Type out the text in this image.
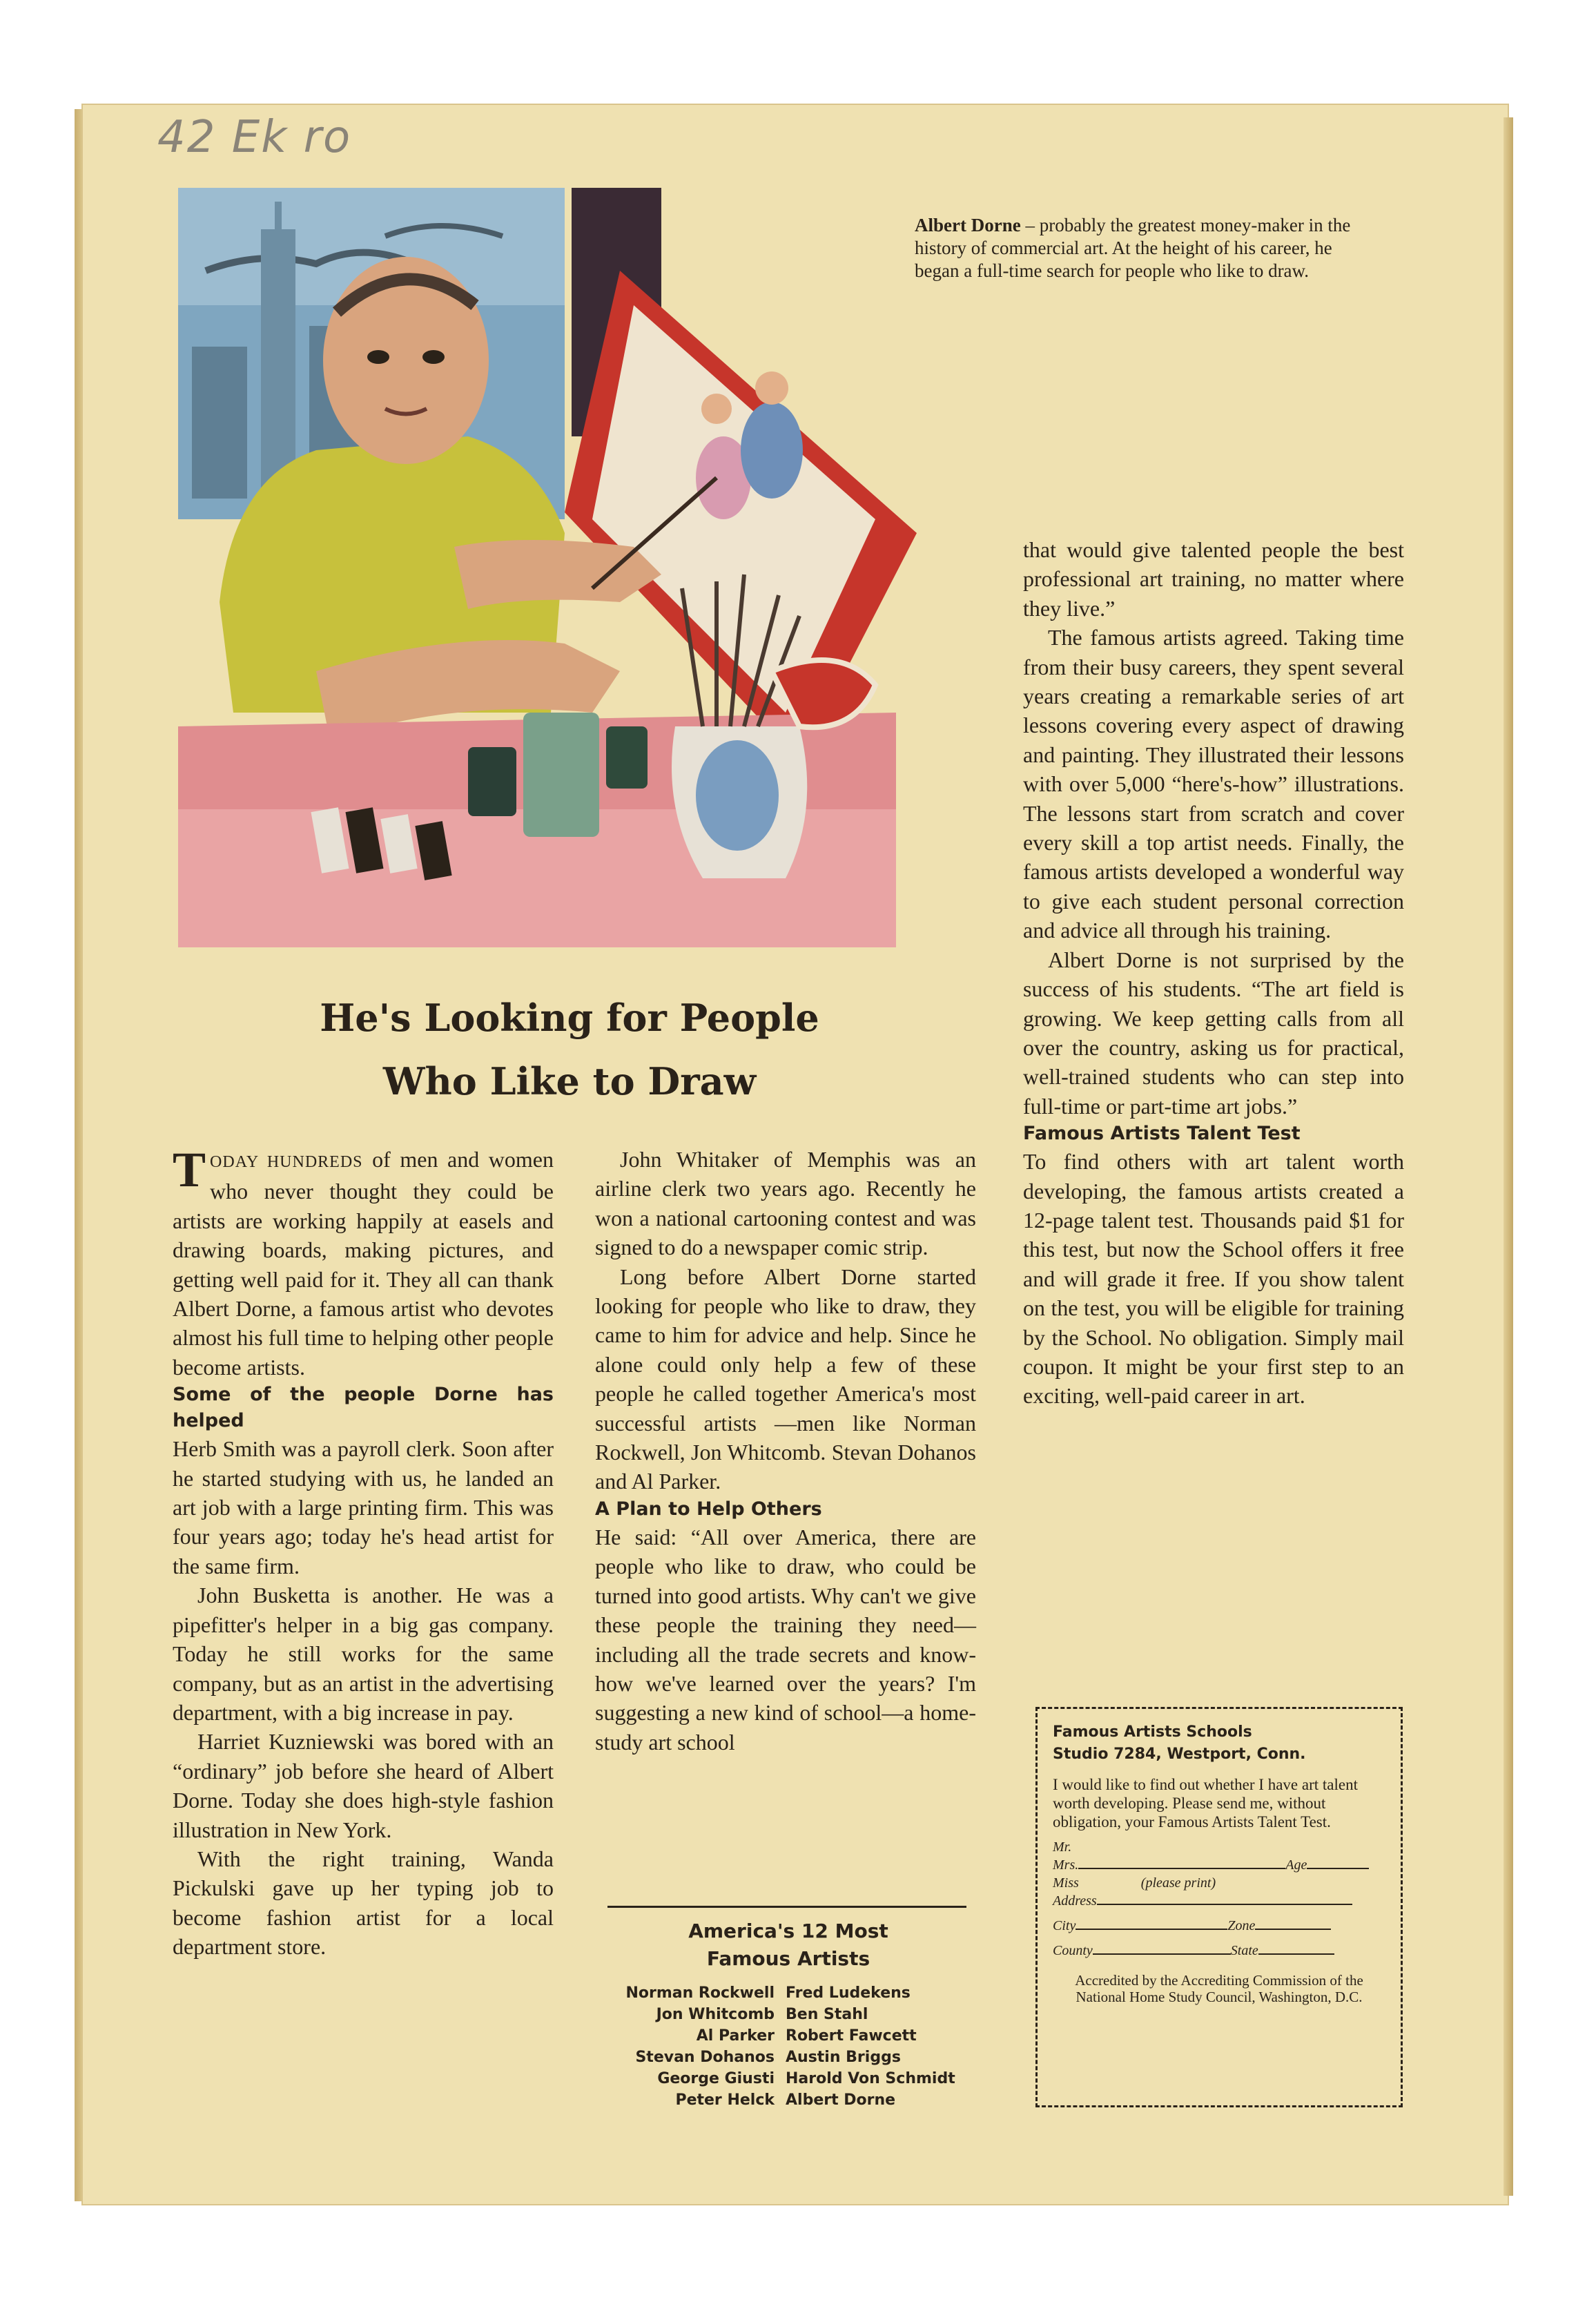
42 Ek ro
Albert Dorne – probably the greatest money-maker in the history of commercial art. At the height of his career, he began a full-time search for people who like to draw.
He's Looking for People
Who Like to Draw

TODAY HUNDREDS of men and women who never thought they could be artists are working happily at easels and drawing boards, making pictures, and getting well paid for it. They all can thank Albert Dorne, a famous artist who devotes almost his full time to helping other people become artists.

Some of the people Dorne has helped

Herb Smith was a payroll clerk. Soon after he started studying with us, he landed an art job with a large printing firm. This was four years ago; today he's head artist for the same firm.

John Busketta is another. He was a pipefitter's helper in a big gas company. Today he still works for the same company, but as an artist in the advertising department, with a big increase in pay.

Harriet Kuzniewski was bored with an “ordinary” job before she heard of Albert Dorne. Today she does high-style fashion illustration in New York.

With the right training, Wanda Pickulski gave up her typing job to become fashion artist for a local department store.

John Whitaker of Memphis was an airline clerk two years ago. Recently he won a national cartooning contest and was signed to do a newspaper comic strip.

Long before Albert Dorne started looking for people who like to draw, they came to him for advice and help. Since he alone could only help a few of these people he called together America's most successful artists —men like Norman Rockwell, Jon Whitcomb. Stevan Dohanos and Al Parker.

A Plan to Help Others

He said: “All over America, there are people who like to draw, who could be turned into good artists. Why can't we give these people the training they need—including all the trade secrets and know-how we've learned over the years? I'm suggesting a new kind of school—a home-study art school

that would give talented people the best professional art training, no matter where they live.”

The famous artists agreed. Taking time from their busy careers, they spent several years creating a remarkable series of art lessons covering every aspect of drawing and painting. They illustrated their lessons with over 5,000 “here's-how” illustrations. The lessons start from scratch and cover every skill a top artist needs. Finally, the famous artists developed a wonderful way to give each student personal correction and advice all through his training.

Albert Dorne is not surprised by the success of his students. “The art field is growing. We keep getting calls from all over the country, asking us for practical, well-trained students who can step into full-time or part-time art jobs.”

Famous Artists Talent Test

To find others with art talent worth developing, the famous artists created a 12-page talent test. Thousands paid $1 for this test, but now the School offers it free and will grade it free. If you show talent on the test, you will be eligible for training by the School. No obligation. Simply mail coupon. It might be your first step to an exciting, well-paid career in art.

America's 12 Most
Famous Artists
Norman Rockwell	Fred Ludekens
Jon Whitcomb	Ben Stahl
Al Parker	Robert Fawcett
Stevan Dohanos	Austin Briggs
George Giusti	Harold Von Schmidt
Peter Helck	Albert Dorne
Famous Artists Schools
Studio 7284, Westport, Conn.
I would like to find out whether I have art talent worth developing. Please send me, without obligation, your Famous Artists Talent Test.
Mr.
Mrs.	Age
Miss	(please print)
Address
City	Zone
County	State
Accredited by the Accrediting Commission of the National Home Study Council, Washington, D.C.
